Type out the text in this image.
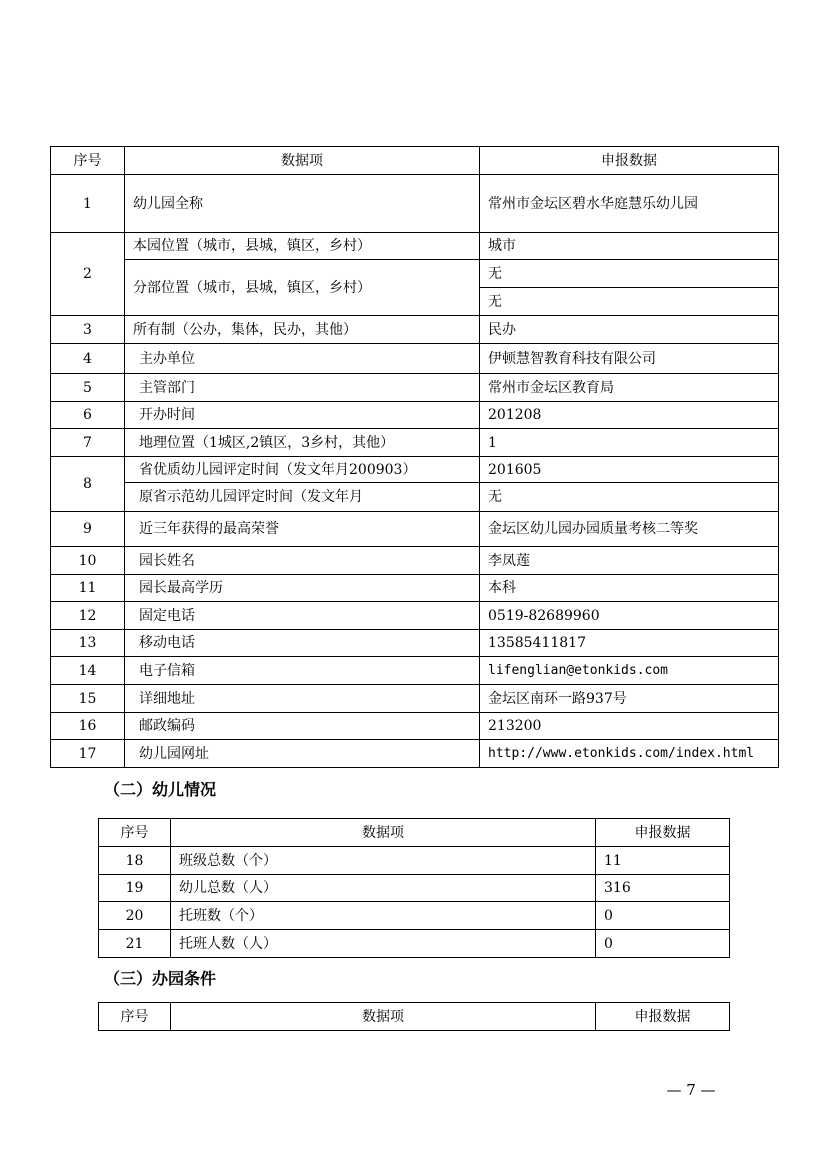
序号	数据项	申报数据
1	幼儿园全称	常州市金坛区碧水华庭慧乐幼儿园
2	本园位置（城市，县城，镇区，乡村）	城市
	分部位置（城市，县城，镇区，乡村）	无
		无
3	所有制（公办，集体，民办，其他）	民办
4	主办单位	伊顿慧智教育科技有限公司
5	主管部门	常州市金坛区教育局
6	开办时间	201208
7	地理位置（1城区,2镇区，3乡村，其他）	1
8	省优质幼儿园评定时间（发文年月200903）	201605
	原省示范幼儿园评定时间（发文年月	无
9	近三年获得的最高荣誉	金坛区幼儿园办园质量考核二等奖
10	园长姓名	李凤莲
11	园长最高学历	本科
12	固定电话	0519-82689960
13	移动电话	13585411817
14	电子信箱	lifenglian@etonkids.com
15	详细地址	金坛区南环一路937号
16	邮政编码	213200
17	幼儿园网址	http://www.etonkids.com/index.html
（二）幼儿情况
序号	数据项	申报数据
18	班级总数（个）	11
19	幼儿总数（人）	316
20	托班数（个）	0
21	托班人数（人）	0
（三）办园条件
序号	数据项	申报数据
— 7 —
